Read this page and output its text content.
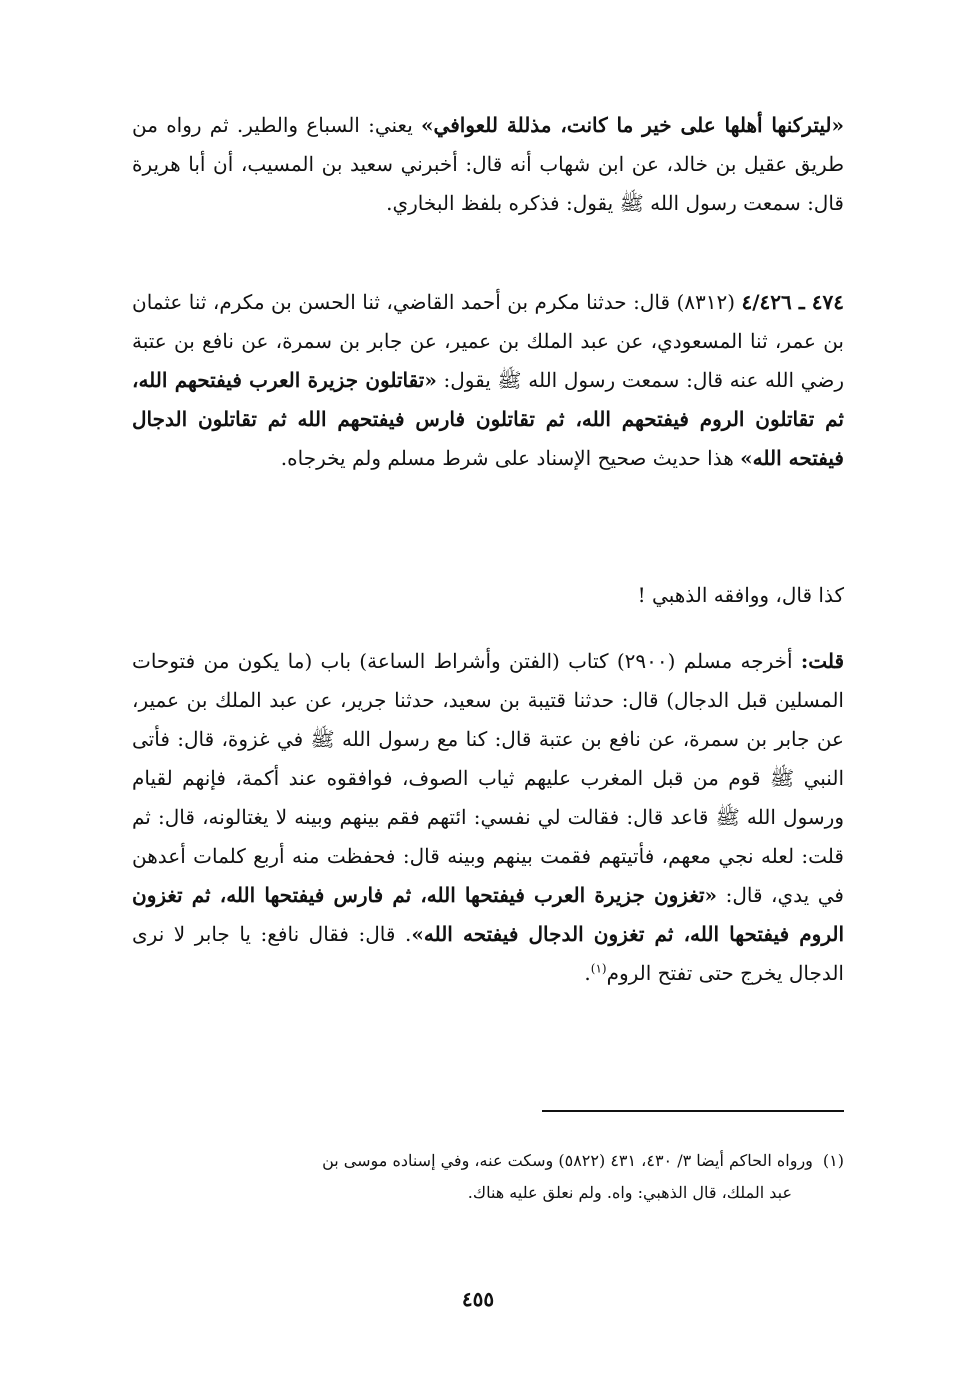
«ليتركنها أهلها على خير ما كانت، مذللة للعوافي» يعني: السباع والطير. ثم رواه من طريق عقيل بن خالد، عن ابن شهاب أنه قال: أخبرني سعيد بن المسيب، أن أبا هريرة قال: سمعت رسول الله ﷺ يقول: فذكره بلفظ البخاري.

٤٧٤ ـ ٤/٤٢٦ (٨٣١٢) قال: حدثنا مكرم بن أحمد القاضي، ثنا الحسن بن مكرم، ثنا عثمان بن عمر، ثنا المسعودي، عن عبد الملك بن عمير، عن جابر بن سمرة، عن نافع بن عتبة رضي الله عنه قال: سمعت رسول الله ﷺ يقول: «تقاتلون جزيرة العرب فيفتحهم الله، ثم تقاتلون الروم فيفتحهم الله، ثم تقاتلون فارس فيفتحهم الله ثم تقاتلون الدجال فيفتحه الله» هذا حديث صحيح الإسناد على شرط مسلم ولم يخرجاه.

كذا قال، ووافقه الذهبي !

قلت: أخرجه مسلم (٢٩٠٠) كتاب (الفتن وأشراط الساعة) باب (ما يكون من فتوحات المسلين قبل الدجال) قال: حدثنا قتيبة بن سعيد، حدثنا جرير، عن عبد الملك بن عمير، عن جابر بن سمرة، عن نافع بن عتبة قال: كنا مع رسول الله ﷺ في غزوة، قال: فأتى النبي ﷺ قوم من قبل المغرب عليهم ثياب الصوف، فوافقوه عند أكمة، فإنهم لقيام ورسول الله ﷺ قاعد قال: فقالت لي نفسي: ائتهم فقم بينهم وبينه لا يغتالونه، قال: ثم قلت: لعله نجي معهم، فأتيتهم فقمت بينهم وبينه قال: فحفظت منه أربع كلمات أعدهن في يدي، قال: «تغزون جزيرة العرب فيفتحها الله، ثم فارس فيفتحها الله، ثم تغزون الروم فيفتحها الله، ثم تغزون الدجال فيفتحه الله». قال: فقال نافع: يا جابر لا نرى الدجال يخرج حتى تفتح الروم$^{(١)}$.

(١)ورواه الحاكم أيضا ٣/ ٤٣٠، ٤٣١ (٥٨٢٢) وسكت عنه، وفي إسناده موسى بن
عبد الملك، قال الذهبي: واه. ولم نعلق عليه هناك.
٤٥٥
